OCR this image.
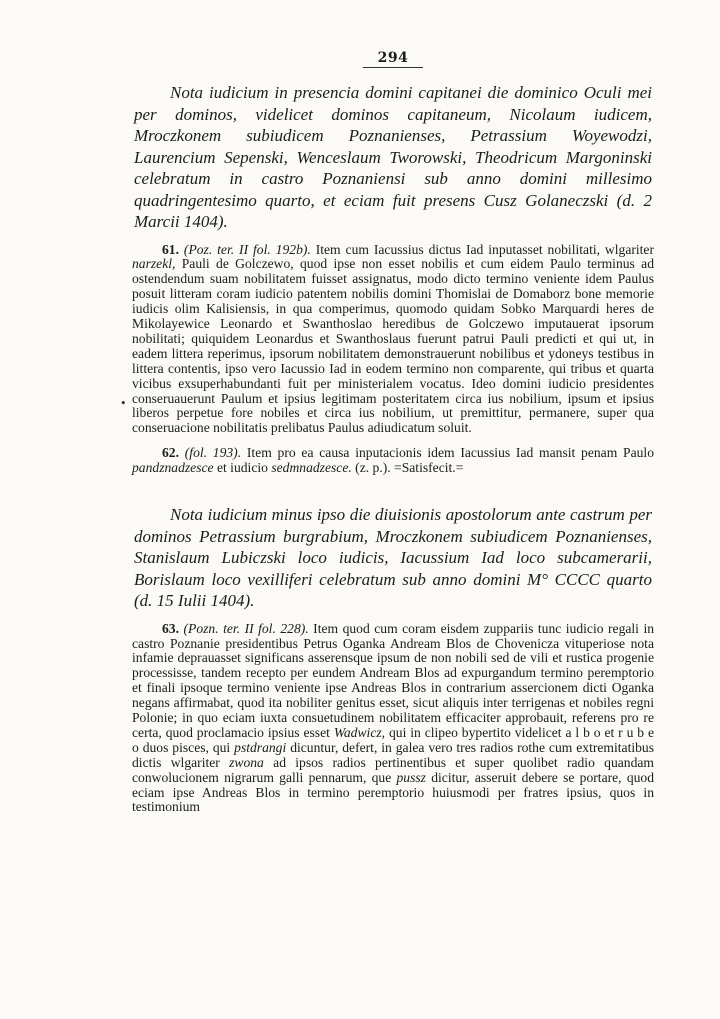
294

Nota iudicium in presencia domini capitanei die dominico Oculi mei per dominos, videlicet dominos capitaneum, Nicolaum iudicem, Mroczkonem subiudicem Poznanienses, Petrassium Woyewodzi, Laurencium Sepenski, Wenceslaum Tworowski, Theodricum Margoninski celebratum in castro Poznaniensi sub anno domini millesimo quadringentesimo quarto, et eciam fuit presens Cusz Golaneczski (d. 2 Marcii 1404).

61. (Poz. ter. II fol. 192b). Item cum Iacussius dictus Iad inputasset nobilitati, wlgariter narzekl, Pauli de Golczewo, quod ipse non esset nobilis et cum eidem Paulo terminus ad ostendendum suam nobilitatem fuisset assignatus, modo dicto termino veniente idem Paulus posuit litteram coram iudicio patentem nobilis domini Thomislai de Domaborz bone memorie iudicis olim Kalisiensis, in qua comperimus, quomodo quidam Sobko Marquardi heres de Mikolayewice Leonardo et Swanthoslao heredibus de Golczewo imputauerat ipsorum nobilitati; quiquidem Leonardus et Swanthoslaus fuerunt patrui Pauli predicti et qui ut, in eadem littera reperimus, ipsorum nobilitatem demonstrauerunt nobilibus et ydoneys testibus in littera contentis, ipso vero Iacussio Iad in eodem termino non comparente, qui tribus et quarta vicibus exsuperhabundanti fuit per ministerialem vocatus. Ideo domini iudicio presidentes conseruauerunt Paulum et ipsius legitimam posteritatem circa ius nobilium, ipsum et ipsius liberos perpetue fore nobiles et circa ius nobilium, ut premittitur, permanere, super qua conseruacione nobilitatis prelibatus Paulus adiudicatum soluit.

62. (fol. 193). Item pro ea causa inputacionis idem Iacussius Iad mansit penam Paulo pandznadzesce et iudicio sedmnadzesce. (z. p.). =Satisfecit.=

Nota iudicium minus ipso die diuisionis apostolorum ante castrum per dominos Petrassium burgrabium, Mroczkonem subiudicem Poznanienses, Stanislaum Lubiczski loco iudicis, Iacussium Iad loco subcamerarii, Borislaum loco vexilliferi celebratum sub anno domini M° CCCC quarto (d. 15 Iulii 1404).

63. (Pozn. ter. II fol. 228). Item quod cum coram eisdem zuppariis tunc iudicio regali in castro Poznanie presidentibus Petrus Oganka Andream Blos de Chovenicza vituperiose nota infamie deprauasset significans asserensque ipsum de non nobili sed de vili et rustica progenie processisse, tandem recepto per eundem Andream Blos ad expurgandum termino peremptorio et finali ipsoque termino veniente ipse Andreas Blos in contrarium assercionem dicti Oganka negans affirmabat, quod ita nobiliter genitus esset, sicut aliquis inter terrigenas et nobiles regni Polonie; in quo eciam iuxta consuetudinem nobilitatem efficaciter approbauit, referens pro re certa, quod proclamacio ipsius esset Wadwicz, qui in clipeo bypertito videlicet a l b o et r u b e o duos pisces, qui pstdrangi dicuntur, defert, in galea vero tres radios rothe cum extremitatibus dictis wlgariter zwona ad ipsos radios pertinentibus et super quolibet radio quandam conwolucionem nigrarum galli pennarum, que pussz dicitur, asseruit debere se portare, quod eciam ipse Andreas Blos in termino peremptorio huiusmodi per fratres ipsius, quos in testimonium

•
